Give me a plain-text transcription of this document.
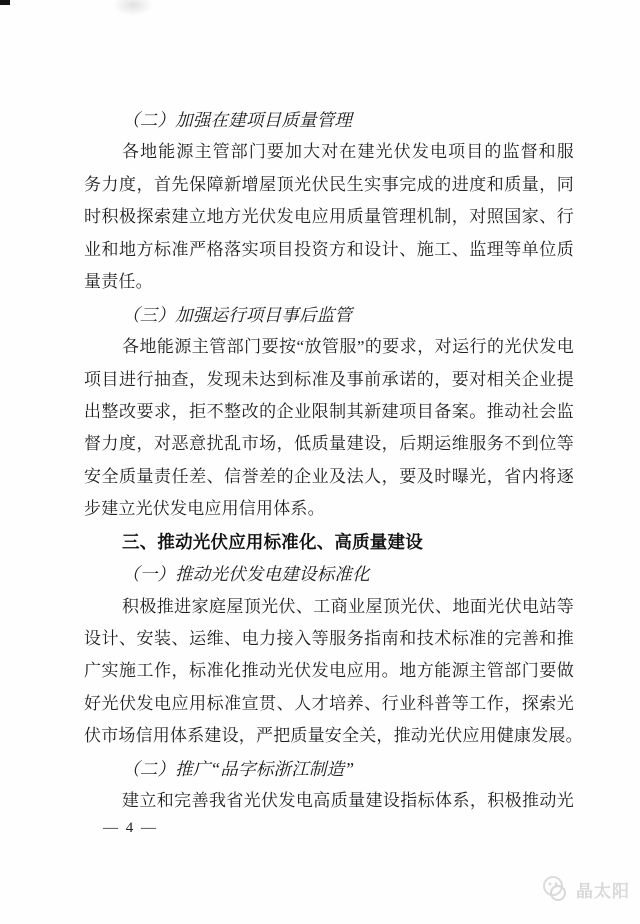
（二）加强在建项目质量管理
各地能源主管部门要加大对在建光伏发电项目的监督和服
务力度，首先保障新增屋顶光伏民生实事完成的进度和质量，同
时积极探索建立地方光伏发电应用质量管理机制，对照国家、行
业和地方标准严格落实项目投资方和设计、施工、监理等单位质
量责任。
（三）加强运行项目事后监管
各地能源主管部门要按“放管服”的要求，对运行的光伏发电
项目进行抽查，发现未达到标准及事前承诺的，要对相关企业提
出整改要求，拒不整改的企业限制其新建项目备案。推动社会监
督力度，对恶意扰乱市场，低质量建设，后期运维服务不到位等
安全质量责任差、信誉差的企业及法人，要及时曝光，省内将逐
步建立光伏发电应用信用体系。
三、推动光伏应用标准化、高质量建设
（一）推动光伏发电建设标准化
积极推进家庭屋顶光伏、工商业屋顶光伏、地面光伏电站等
设计、安装、运维、电力接入等服务指南和技术标准的完善和推
广实施工作，标准化推动光伏发电应用。地方能源主管部门要做
好光伏发电应用标准宣贯、人才培养、行业科普等工作，探索光
伏市场信用体系建设，严把质量安全关，推动光伏应用健康发展。
（二）推广“品字标浙江制造”
建立和完善我省光伏发电高质量建设指标体系，积极推动光
— 4 —
晶太阳
